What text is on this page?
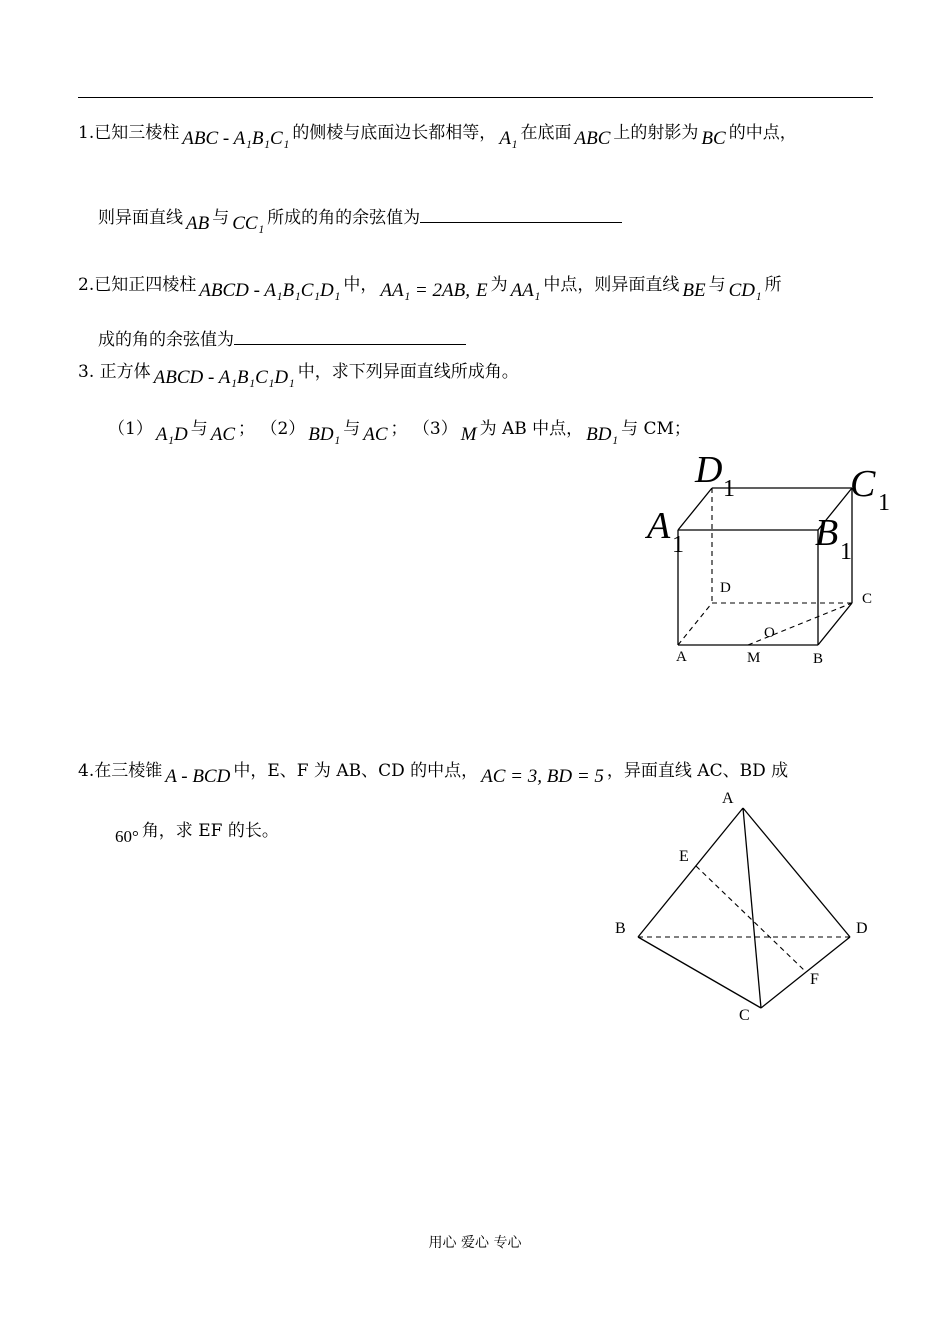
1.已知三棱柱 ABC - A₁B₁C₁ 的侧棱与底面边长都相等， A₁ 在底面 ABC 上的射影为 BC 的中点，
则异面直线 AB 与 CC₁ 所成的角的余弦值为
2.已知正四棱柱 ABCD - A₁B₁C₁D₁ 中， AA₁ = 2AB, E 为 AA₁ 中点，则异面直线 BE 与 CD₁ 所
成的角的余弦值为
3. 正方体 ABCD - A₁B₁C₁D₁ 中，求下列异面直线所成角。
（1） A₁D 与 AC ； （2） BD₁ 与 AC ； （3） M 为 AB 中点， BD₁ 与 CM；
D 1	C 1
A 1	B 1
D
C
A	M	B
O
4.在三棱锥 A - BCD 中，E、F 为 AB、CD 的中点， AC = 3, BD = 5 ，异面直线 AC、BD 成
60° 角，求 EF 的长。
A
B
C
D
E
F
用心 爱心 专心
